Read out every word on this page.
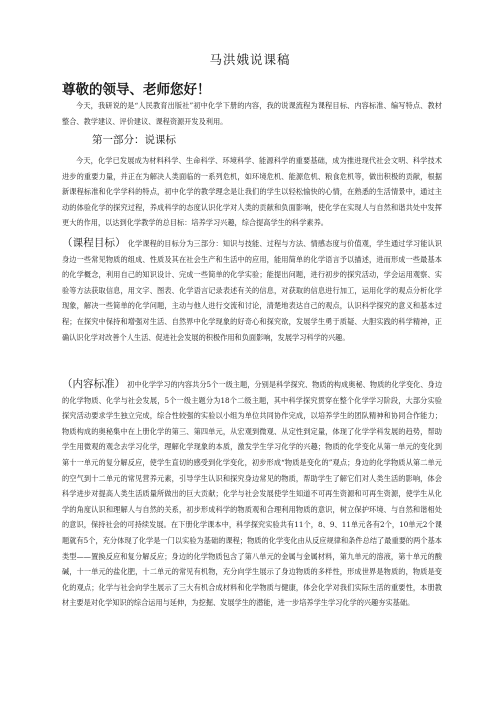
马洪娥说课稿
尊敬的领导、老师您好！

今天，我研说的是“人民教育出版社”初中化学下册的内容，我的说课流程为课程目标、内容标准、编写特点、教材整合、教学建议、评价建议、课程资源开发及利用。

第一部分：说课标

今天，化学已发展成为材料科学、生命科学、环境科学、能源科学的重要基础，成为推进现代社会文明、科学技术进步的重要力量，并正在为解决人类面临的一系列危机，如环境危机、能源危机、粮食危机等，做出积极的贡献，根据新课程标准和化学学科的特点，初中化学的教学理念是让我们的学生以轻松愉快的心情，在熟悉的生活情景中，通过主动的体验化学的探究过程，养成科学的态度认识化学对人类的贡献和负面影响，使化学在实现人与自然和谐共处中发挥更大的作用，以达到化学教学的总目标：培养学习兴趣，综合提高学生的科学素养。

（课程目标） 化学课程的目标分为三部分：知识与技能、过程与方法、情感态度与价值观，学生通过学习能认识身边一些常见物质的组成、性质及其在社会生产和生活中的应用，能用简单的化学语言予以描述，进而形成一些最基本的化学概念，利用自己的知识设计、完成一些简单的化学实验；能提出问题，进行初步的探究活动，学会运用观察、实验等方法获取信息，用文字、图表、化学语言记录表述有关的信息，对获取的信息进行加工，运用化学的观点分析化学现象，解决一些简单的化学问题，主动与他人进行交流和讨论，清楚地表达自己的观点，认识科学探究的意义和基本过程；在探究中保持和增强对生活、自然界中化学现象的好奇心和探究欲，发展学生勇于质疑、大胆实践的科学精神，正确认识化学对改善个人生活、促进社会发展的积极作用和负面影响，发展学习科学的兴趣。

（内容标准） 初中化学学习的内容共分5个一级主题，分别是科学探究、物质的构成奥秘、物质的化学变化、身边的化学物质、化学与社会发展，5个一级主题分为18个二级主题，其中科学探究贯穿在整个化学学习阶段，大部分实验探究活动要求学生独立完成，综合性较强的实验以小组为单位共同协作完成，以培养学生的团队精神和协同合作能力；物质构成的奥秘集中在上册化学的第三、第四单元，从宏观到微观、从定性到定量，体现了化学学科发展的趋势，帮助学生用微观的观念去学习化学，理解化学现象的本质，激发学生学习化学的兴趣；物质的化学变化从第一单元的变化到第十一单元的复分解反应，使学生直切的感受到化学变化，初步形成“物质是变化的”观点；身边的化学物质从第二单元的空气到十二单元的常见营养元素，引导学生认识和探究身边常见的物质，帮助学生了解它们对人类生活的影响，体会科学进步对提高人类生活质量所做出的巨大贡献；化学与社会发展使学生知道不可再生资源和可再生资源，使学生从化学的角度认识和理解人与自然的关系，初步形成科学的物质观和合理利用物质的意识，树立保护环境、与自然和谐相处的意识，保持社会的可持续发展。在下册化学课本中，科学探究实验共有11个，8、9、11单元各有2个，10单元2个课题就有5个，充分体现了化学是一门以实验为基础的课程；物质的化学变化由从反应规律和条件总结了最重要的两个基本类型——置换反应和复分解反应；身边的化学物质包含了第八单元的金属与金属材料，第九单元的溶液，第十单元的酸碱，十一单元的盐化肥，十二单元的常见有机物，充分向学生展示了身边物质的多样性，形成世界是物质的，物质是变化的观点；化学与社会向学生展示了三大有机合成材料和化学物质与健康，体会化学对我们实际生活的重要性，本册教材主要是对化学知识的综合运用与延伸，为挖掘、发展学生的潜能，进一步培养学生学习化学的兴趣夯实基础。
